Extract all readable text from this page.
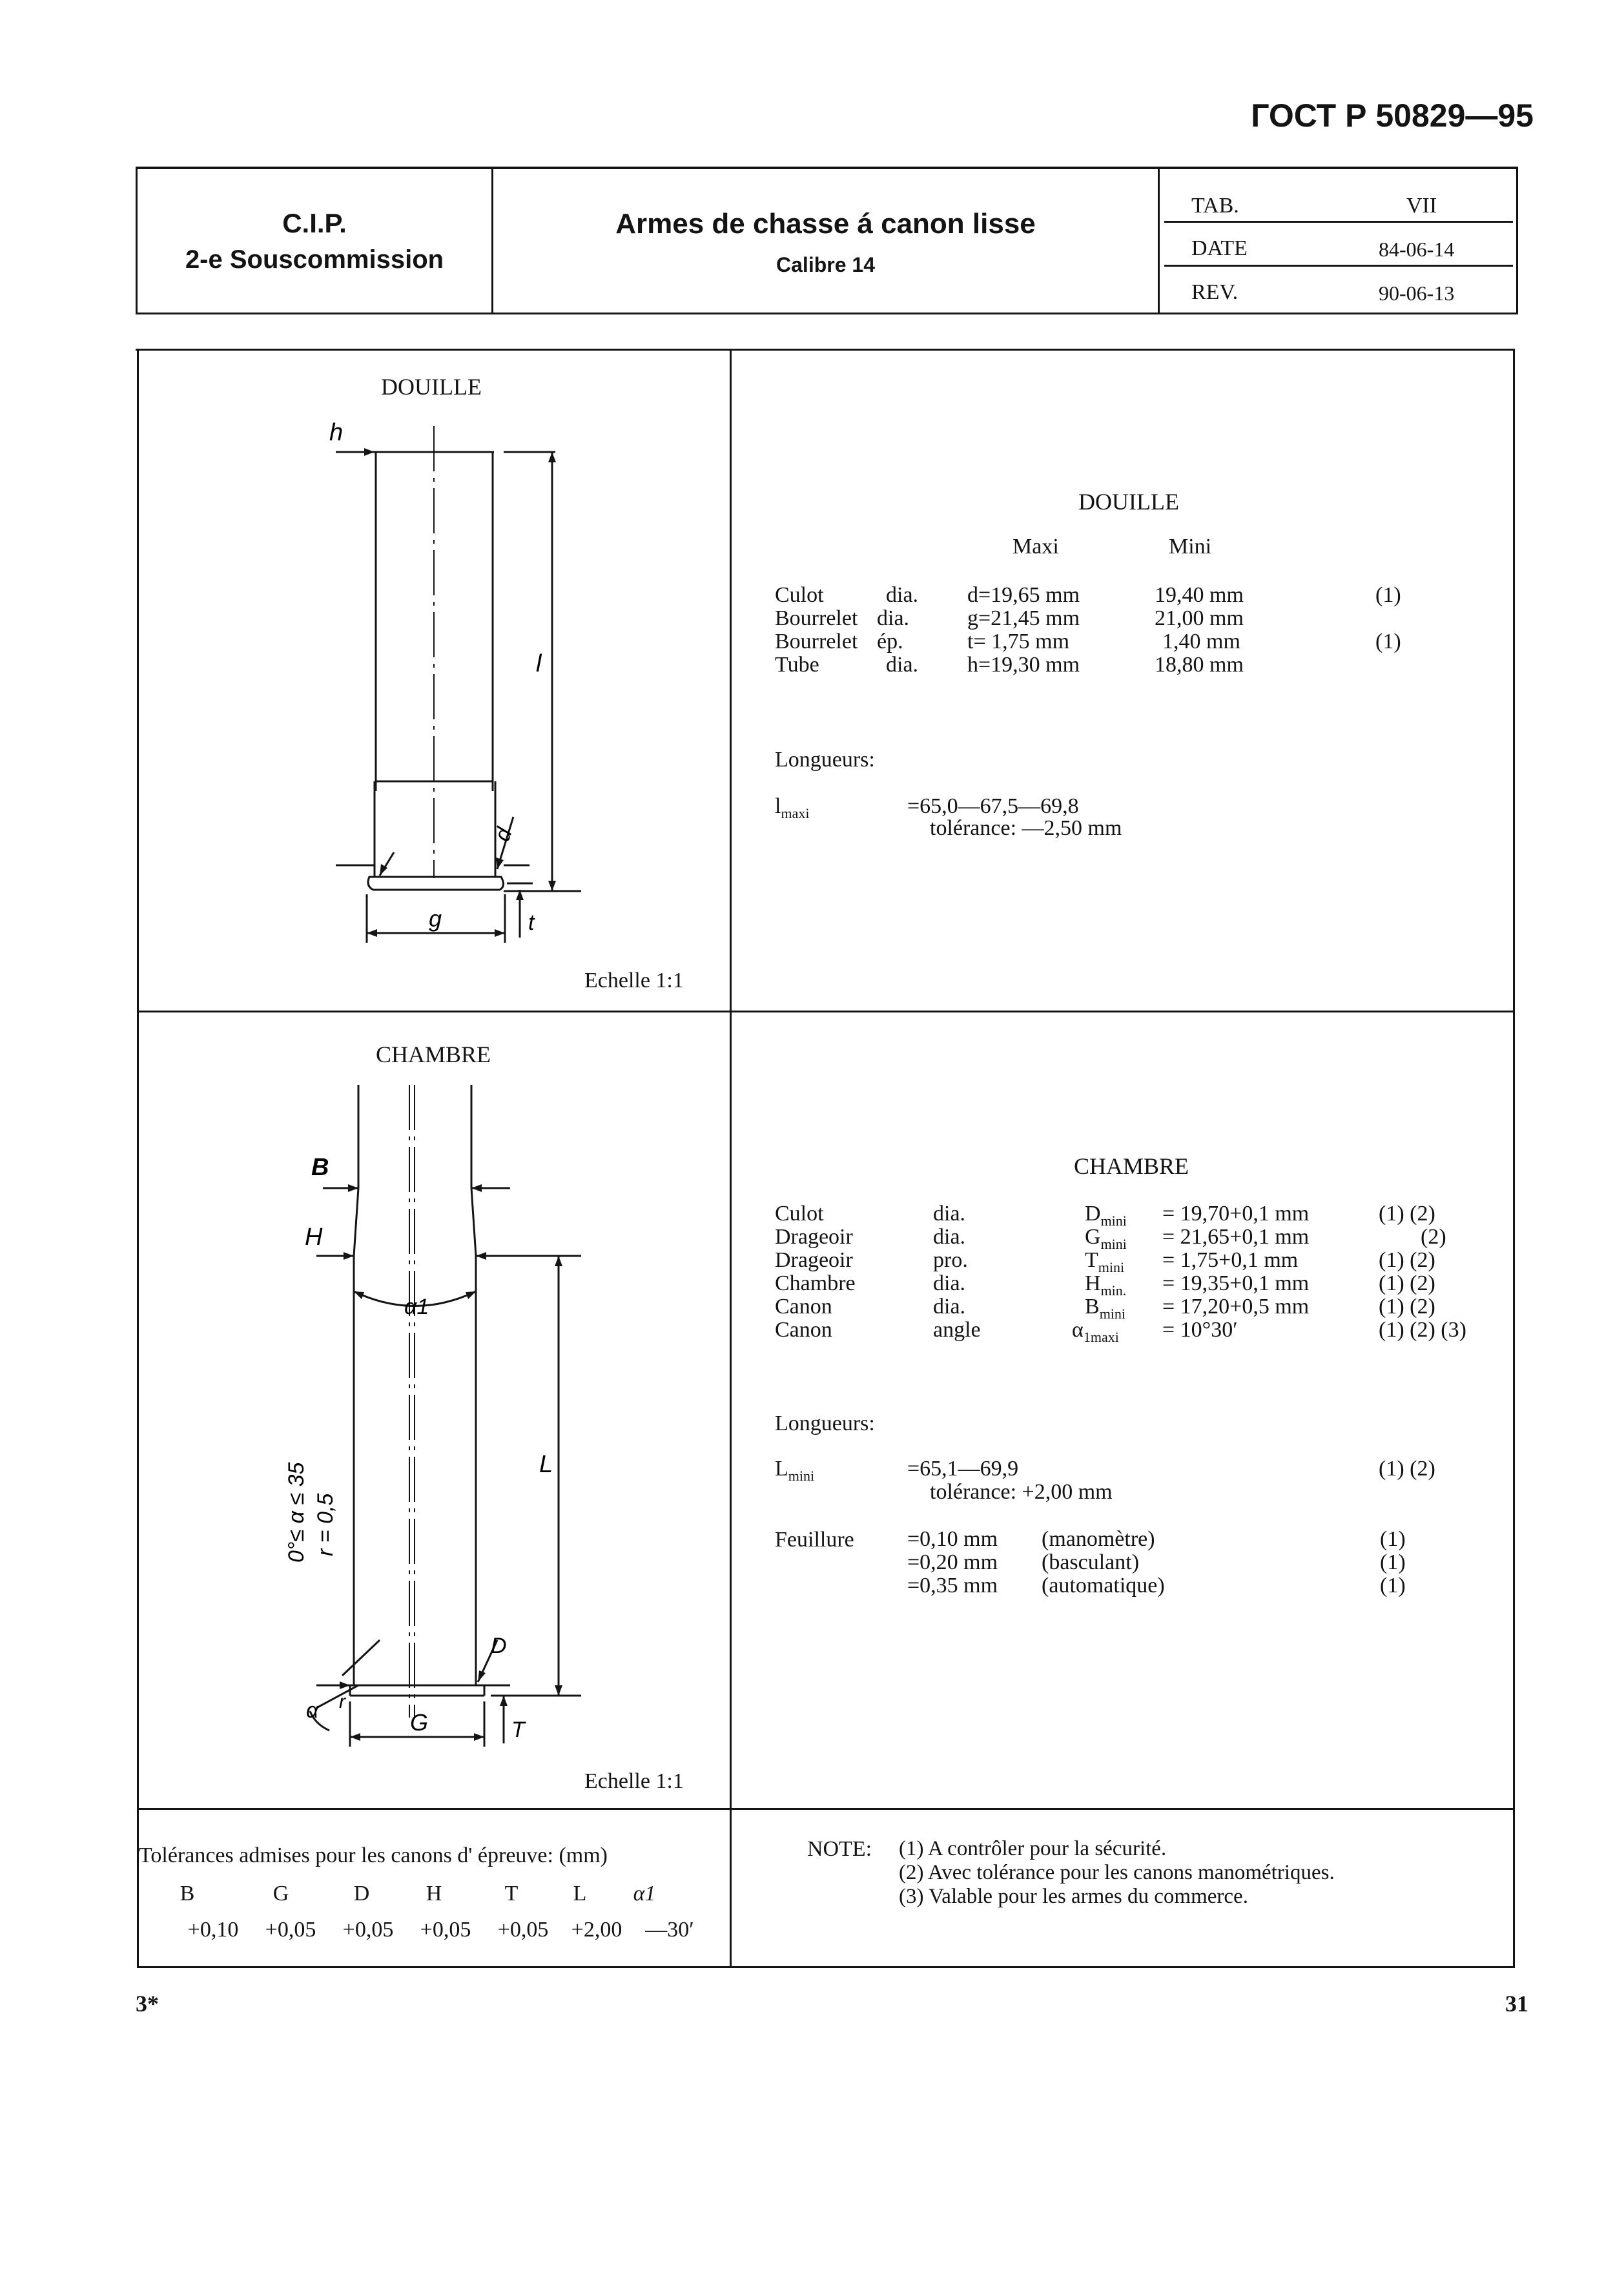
ГОСТ Р 50829—95
C.I.P.
2-e Souscommission
Armes de chasse á canon lisse
Calibre 14
TAB.	VII
DATE	84-06-14
REV.	90-06-13
DOUILLE
h
l
d
g	t
Echelle 1:1
DOUILLE
Maxi	Mini
Culot	dia. d=19,65 mm	19,40 mm	(1)
Bourrelet dia.	g=21,45 mm	21,00 mm
Bourrelet ép.	t= 1,75 mm	1,40 mm	(1)
Tube	dia. h=19,30 mm	18,80 mm
Longueurs:
$l_{maxi}$	=65,0—67,5—69,8
tolérance: —2,50 mm
CHAMBRE
B
H
α1
L
D
G	T
α r
0°≤ α ≤ 35 r = 0,5
Echelle 1:1
CHAMBRE
Culot	dia.	$D_{mini} = 19,70+0,1$ mm	(1) (2)
Drageoir	dia.	$G_{mini} = 21,65+0,1$ mm	(2)
Drageoir	pro.	$T_{mini} = 1,75+0,1$ mm	(1) (2)
Chambre	dia.	$H_{min.} = 19,35+0,1$ mm	(1) (2)
Canon	dia.	$B_{mini} = 17,20+0,5$ mm	(1) (2)
Canon	angle	$\alpha_{1maxi} = 10^\circ 30'$	(1) (2) (3)
Longueurs:
$L_{mini}$	=65,1—69,9	(1) (2)
tolérance: +2,00 mm
Feuillure =0,10 mm (manomètre)	(1)
=0,20 mm (basculant)	(1)
=0,35 mm (automatique)	(1)
Tolérances admises pour les canons d' épreuve: (mm)
B	G	D	H	T	L	α1
+0,10	+0,05	+0,05	+0,05	+0,05	+2,00	—30′
NOTE: (1) A contrôler pour la sécurité.
(2) Avec tolérance pour les canons manométriques.
(3) Valable pour les armes du commerce.
3*	31
